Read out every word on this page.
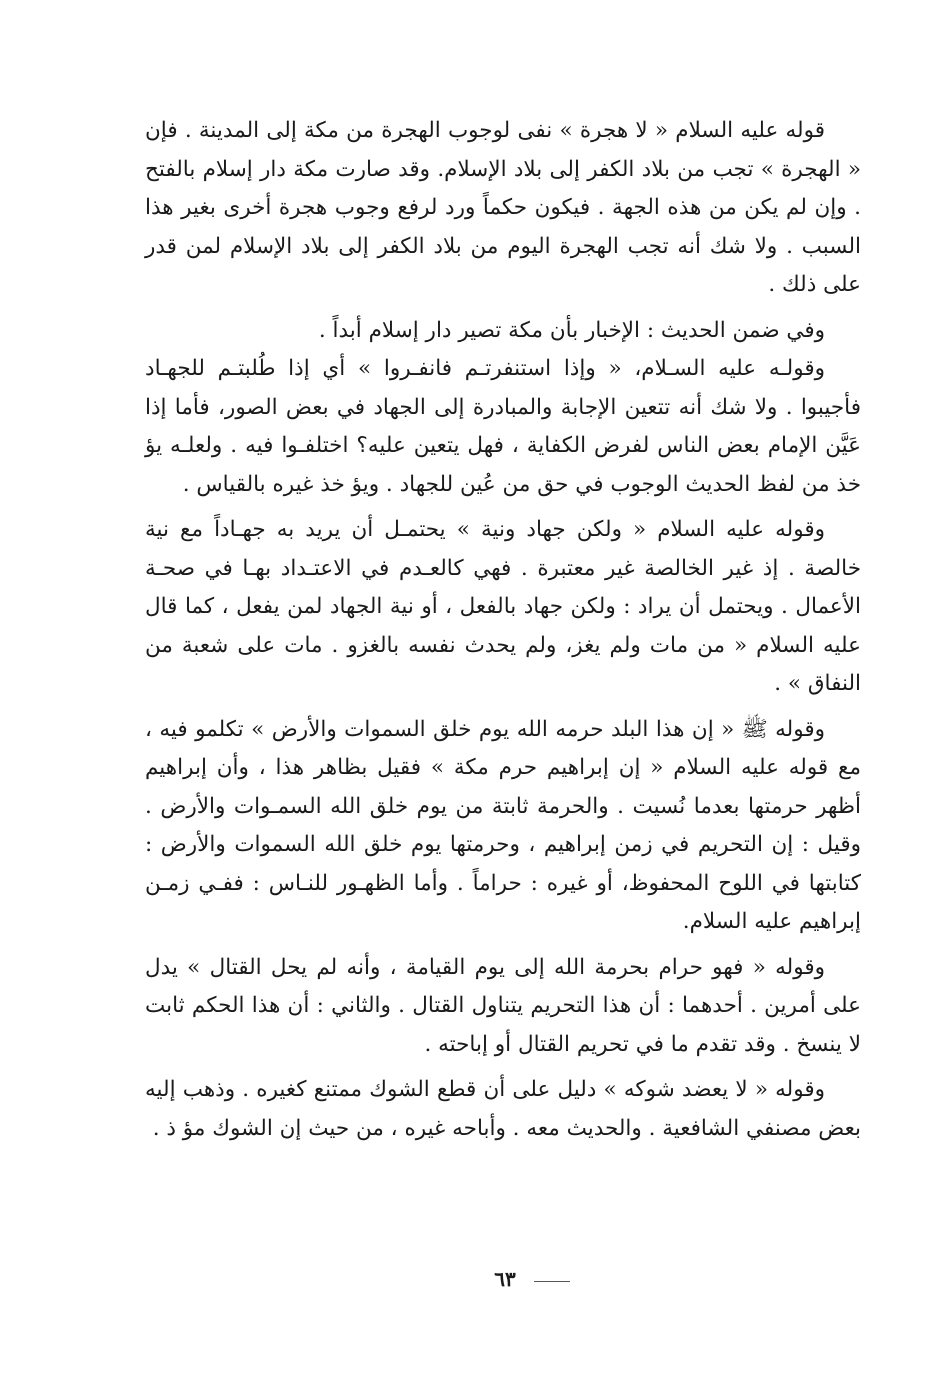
قوله عليه السلام « لا هجرة » نفى لوجوب الهجرة من مكة إلى المدينة . فإن « الهجرة » تجب من بلاد الكفر إلى بلاد الإسلام. وقد صارت مكة دار إسلام بالفتح . وإن لم يكن من هذه الجهة . فيكون حكماً ورد لرفع وجوب هجرة أخرى بغير هذا السبب . ولا شك أنه تجب الهجرة اليوم من بلاد الكفر إلى بلاد الإسلام لمن قدر على ذلك .

وفي ضمن الحديث : الإخبار بأن مكة تصير دار إسلام أبداً .

وقولـه عليه السـلام، « وإذا استنفرتـم فانفـروا » أي إذا طُلبتـم للجهـاد فأجيبوا . ولا شك أنه تتعين الإجابة والمبادرة إلى الجهاد في بعض الصور، فأما إذا عَيَّن الإمام بعض الناس لفرض الكفاية ، فهل يتعين عليه؟ اختلفـوا فيه . ولعلـه يؤ خذ من لفظ الحديث الوجوب في حق من عُين للجهاد . ويؤ خذ غيره بالقياس .

وقوله عليه السلام « ولكن جهاد ونية » يحتمـل أن يريد به جهـاداً مع نية خالصة . إذ غير الخالصة غير معتبرة . فهي كالعـدم في الاعتـداد بهـا في صحـة الأعمال . ويحتمل أن يراد : ولكن جهاد بالفعل ، أو نية الجهاد لمن يفعل ، كما قال عليه السلام « من مات ولم يغز، ولم يحدث نفسه بالغزو . مات على شعبة من النفاق » .

وقوله ﷺ « إن هذا البلد حرمه الله يوم خلق السموات والأرض » تكلمو فيه ، مع قوله عليه السلام « إن إبراهيم حرم مكة » فقيل بظاهر هذا ، وأن إبراهيم أظهر حرمتها بعدما نُسيت . والحرمة ثابتة من يوم خلق الله السمـوات والأرض . وقيل : إن التحريم في زمن إبراهيم ، وحرمتها يوم خلق الله السموات والأرض : كتابتها في اللوح المحفوظ، أو غيره : حراماً . وأما الظهـور للنـاس : ففـي زمـن إبراهيم عليه السلام.

وقوله « فهو حرام بحرمة الله إلى يوم القيامة ، وأنه لم يحل القتال » يدل على أمرين . أحدهما : أن هذا التحريم يتناول القتال . والثاني : أن هذا الحكم ثابت لا ينسخ . وقد تقدم ما في تحريم القتال أو إباحته .

وقوله « لا يعضد شوكه » دليل على أن قطع الشوك ممتنع كغيره . وذهب إليه بعض مصنفي الشافعية . والحديث معه . وأباحه غيره ، من حيث إن الشوك مؤ ذ .

٦٣
